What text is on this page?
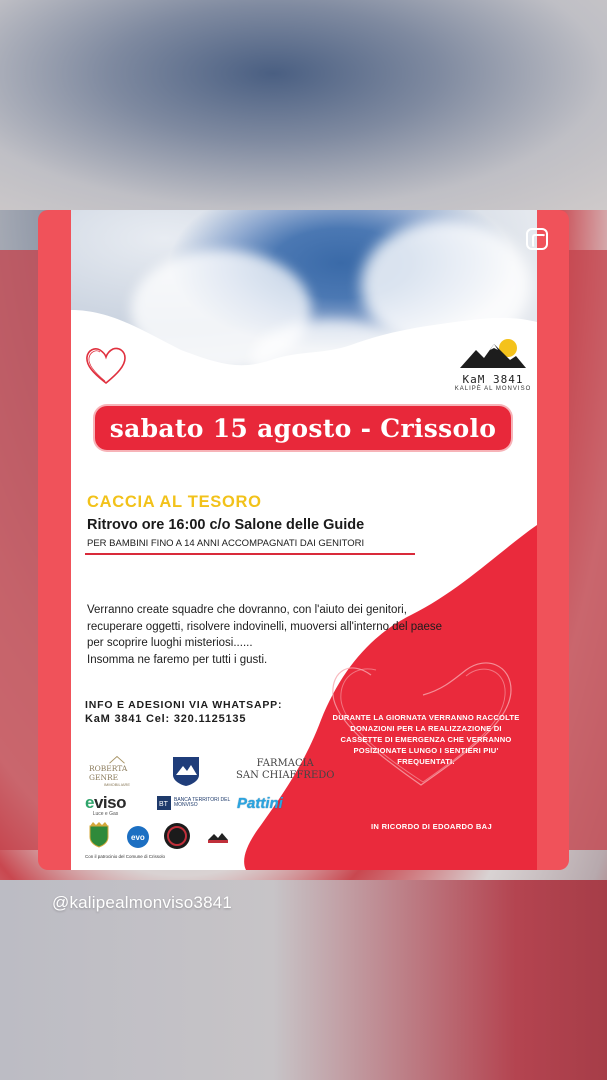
KaM 3841
KALIPÈ AL MONVISO
sabato 15 agosto - Crissolo
CACCIA AL TESORO
Ritrovo ore 16:00 c/o Salone delle Guide
PER BAMBINI FINO A 14 ANNI ACCOMPAGNATI DAI GENITORI
Verranno create squadre che dovranno, con l'aiuto dei genitori,
recuperare oggetti, risolvere indovinelli, muoversi all'interno del paese
per scoprire luoghi misteriosi......
Insomma ne faremo per tutti i gusti.
INFO E ADESIONI VIA WHATSAPP:
KaM 3841 Cel: 320.1125135	DURANTE LA GIORNATA VERRANNO RACCOLTE DONAZIONI PER LA REALIZZAZIONE DI CASSETTE DI EMERGENZA CHE VERRANNO POSIZIONATE LUNGO I SENTIERI PIU' FREQUENTATI.
IN RICORDO DI EDOARDO BAJ
ROBERTA GENRE
IMMOBILIARE
FARMACIA
SAN CHIAFFREDO
eviso
Luce e Gas
BT
BANCA TERRITORI DEL MONVISO	Pattini
evo
Con il patrocinio del Comune di Crissolo
@kalipealmonviso3841
